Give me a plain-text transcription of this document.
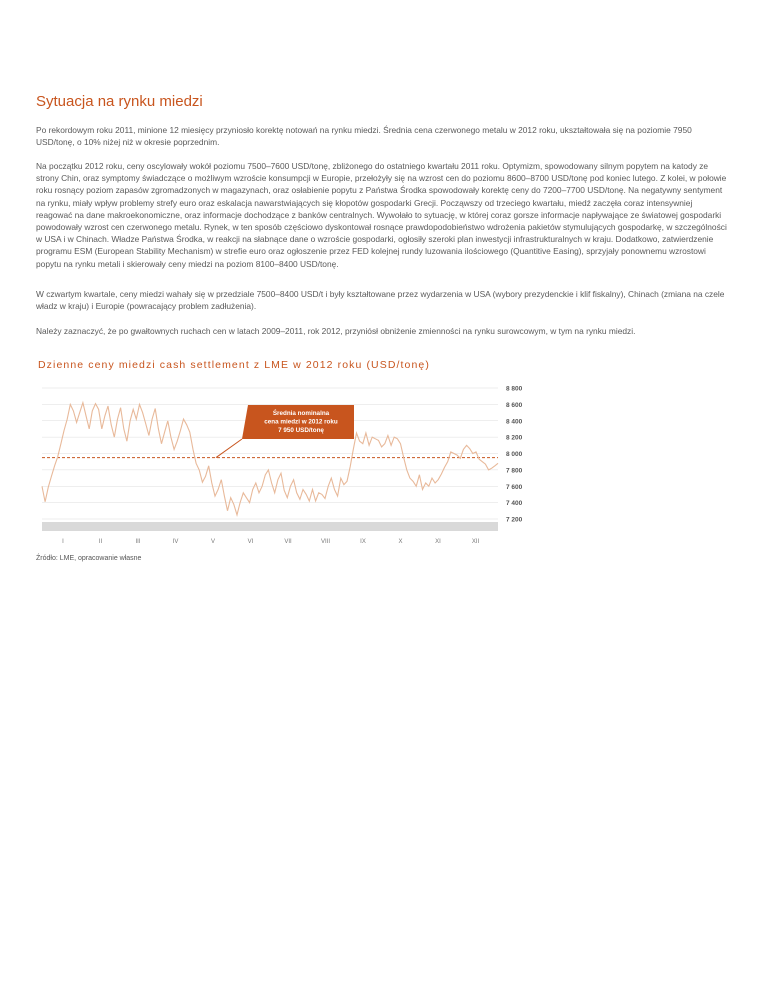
Sytuacja na rynku miedzi

Po rekordowym roku 2011, minione 12 miesięcy przyniosło korektę notowań na rynku miedzi. Średnia cena czerwonego metalu w 2012 roku, ukształtowała się na poziomie 7950 USD/tonę, o 10% niżej niż w okresie poprzednim.

Na początku 2012 roku, ceny oscylowały wokół poziomu 7500–7600 USD/tonę, zbliżonego do ostatniego kwartału 2011 roku. Optymizm, spowodowany silnym popytem na katody ze strony Chin, oraz symptomy świadczące o możliwym wzroście konsumpcji w Europie, przełożyły się na wzrost cen do poziomu 8600–8700 USD/tonę pod koniec lutego. Z kolei, w połowie roku rosnący poziom zapasów zgromadzonych w magazynach, oraz osłabienie popytu z Państwa Środka spowodowały korektę ceny do 7200–7700 USD/tonę. Na negatywny sentyment na rynku, miały wpływ problemy strefy euro oraz eskalacja nawarstwiających się kłopotów gospodarki Grecji. Począwszy od trzeciego kwartału, miedź zaczęła coraz intensywniej reagować na dane makroekonomiczne, oraz informacje dochodzące z banków centralnych. Wywołało to sytuację, w której coraz gorsze informacje napływające ze światowej gospodarki powodowały wzrost cen czerwonego metalu. Rynek, w ten sposób częściowo dyskontował rosnące prawdopodobieństwo wdrożenia pakietów stymulujących gospodarkę, w szczególności w USA i w Chinach. Władze Państwa Środka, w reakcji na słabnące dane o wzroście gospodarki, ogłosiły szeroki plan inwestycji infrastrukturalnych w kraju. Dodatkowo, zatwierdzenie programu ESM (European Stability Mechanism) w strefie euro oraz ogłoszenie przez FED kolejnej rundy luzowania ilościowego (Quantitive Easing), sprzyjały ponownemu wzrostowi popytu na rynku metali i skierowały ceny miedzi na poziom 8100–8400 USD/tonę.

W czwartym kwartale, ceny miedzi wahały się w przedziale 7500–8400 USD/t i były kształtowane przez wydarzenia w USA (wybory prezydenckie i klif fiskalny), Chinach (zmiana na czele władz w kraju) i Europie (powracający problem zadłużenia).

Należy zaznaczyć, że po gwałtownych ruchach cen w latach 2009–2011, rok 2012, przyniósł obniżenie zmienności na rynku surowcowym, w tym na rynku miedzi.

Dzienne ceny miedzi cash settlement z LME w 2012 roku (USD/tonę)
8 800
8 600
8 400
8 200
8 000
7 800
7 600
7 400
7 200
I	II	III	IV	V	VI	VII	VIII	IX	X	XI	XII
Średnia nominalna cena miedzi w 2012 roku 7 950 USD/tonę
Źródło: LME, opracowanie własne
